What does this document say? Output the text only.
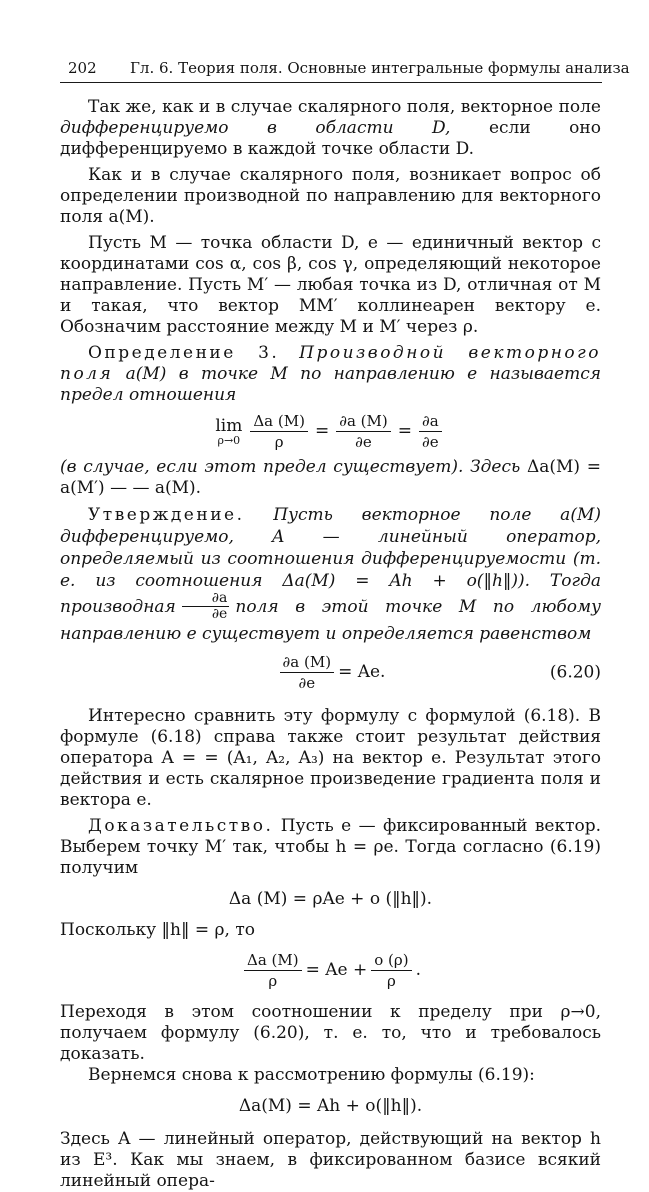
202 Гл. 6. Теория поля. Основные интегральные формулы анализа

Так же, как и в случае скалярного поля, векторное поле дифференцируемо в области D, если оно дифференцируемо в каждой точке области D.

Как и в случае скалярного поля, возникает вопрос об определении производной по направлению для векторного поля a(M).

Пусть M — точка области D, e — единичный вектор с координатами cos α, cos β, cos γ, определяющий некоторое направление. Пусть M′ — любая точка из D, отличная от M и такая, что вектор MM′ коллинеарен вектору e. Обозначим расстояние между M и M′ через ρ.

Определение 3. Производной векторного поля a(M) в точке M по направлению e называется предел отношения

lim
$\rho\to 0 \frac{\Delta a (M)}{\rho} = \frac{\partial a (M)}{\partial e} = \frac{\partial a}{\partial e}$

(в случае, если этот предел существует). Здесь Δa(M) = a(M′) — — a(M).

Утверждение. Пусть векторное поле a(M) дифференцируемо, A — линейный оператор, определяемый из соотношения дифференцируемости (т. е. из соотношения Δa(M) = Ah + o(‖h‖)). Тогда производная $\frac{\partial a}{\partial e}$ поля в этой точке M по любому направлению e существует и определяется равенством

$\frac{\partial a (M)}{\partial e} = Ae$.	(6.20)

Интересно сравнить эту формулу с формулой (6.18). В формуле (6.18) справа также стоит результат действия оператора A = = (A₁, A₂, A₃) на вектор e. Результат этого действия и есть скалярное произведение градиента поля и вектора e.

Доказательство. Пусть e — фиксированный вектор. Выберем точку M′ так, чтобы h = ρe. Тогда согласно (6.19) получим

Δa (M) = ρAe + o (‖h‖).

Поскольку ‖h‖ = ρ, то

$\frac{\Delta a (M)}{\rho} = Ae + \frac{o (\rho)}{\rho}$ .

Переходя в этом соотношении к пределу при ρ→0, получаем формулу (6.20), т. е. то, что и требовалось доказать.

Вернемся снова к рассмотрению формулы (6.19):

Δa(M) = Ah + o(‖h‖).

Здесь A — линейный оператор, действующий на вектор h из E³. Как мы знаем, в фиксированном базисе всякий линейный опера-
